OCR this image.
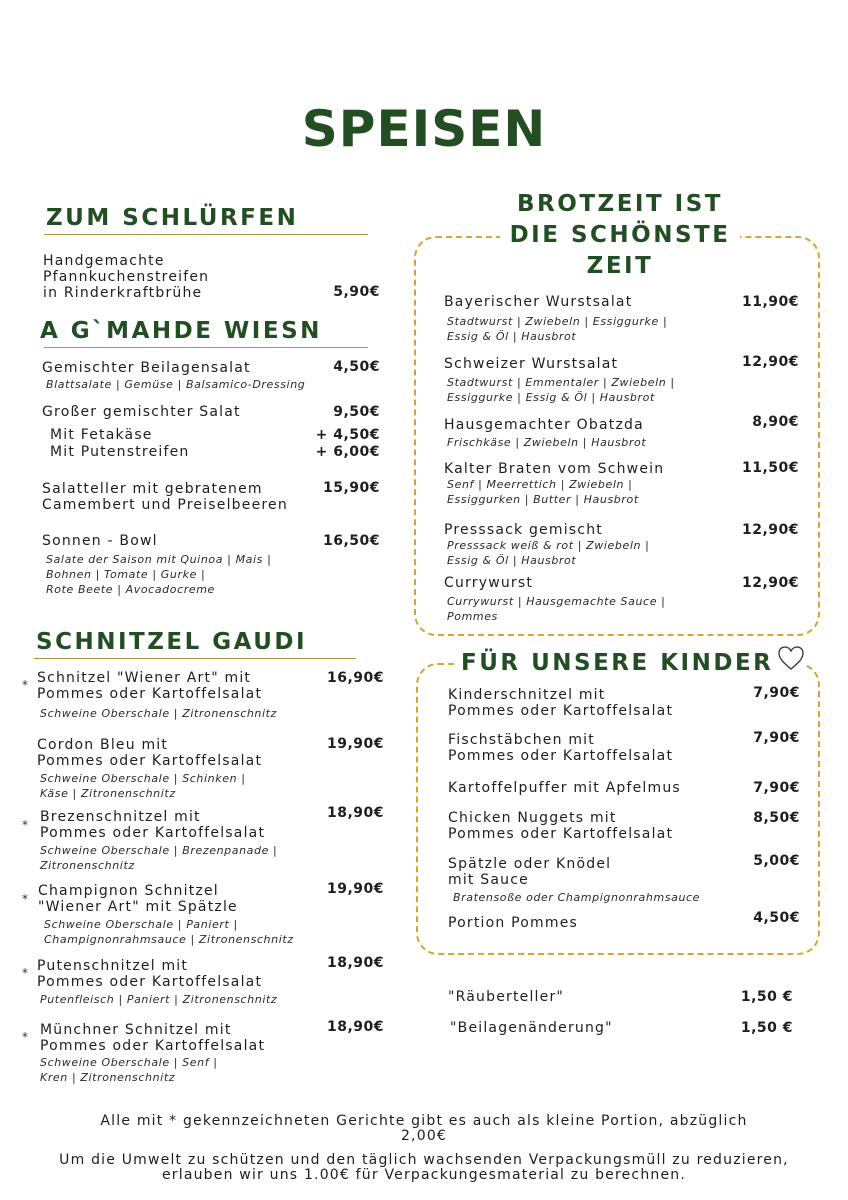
SPEISEN
ZUM SCHLÜRFEN
Handgemachte
Pfannkuchenstreifen
in Rinderkraftbrühe	5,90€
A G`MAHDE WIESN
Gemischter Beilagensalat	4,50€
Blattsalate | Gemüse | Balsamico-Dressing
Großer gemischter Salat	9,50€
Mit Fetakäse	+ 4,50€
Mit Putenstreifen	+ 6,00€
Salatteller mit gebratenem
Camembert und Preiselbeeren
15,90€
Sonnen - Bowl	16,50€
Salate der Saison mit Quinoa | Mais |
Bohnen | Tomate | Gurke |
Rote Beete | Avocadocreme
SCHNITZEL GAUDI
* Schnitzel "Wiener Art" mit
Pommes oder Kartoffelsalat
16,90€
Schweine Oberschale | Zitronenschnitz
Cordon Bleu mit
Pommes oder Kartoffelsalat
19,90€
Schweine Oberschale | Schinken |
Käse | Zitronenschnitz
* Brezenschnitzel mit
Pommes oder Kartoffelsalat
18,90€
Schweine Oberschale | Brezenpanade |
Zitronenschnitz
* Champignon Schnitzel
"Wiener Art" mit Spätzle
19,90€
Schweine Oberschale | Paniert |
Champignonrahmsauce | Zitronenschnitz
* Putenschnitzel mit
Pommes oder Kartoffelsalat
18,90€
Putenfleisch | Paniert | Zitronenschnitz
* Münchner Schnitzel mit
Pommes oder Kartoffelsalat
18,90€
Schweine Oberschale | Senf |
Kren | Zitronenschnitz
BROTZEIT IST
DIE SCHÖNSTE
ZEIT
Bayerischer Wurstsalat	11,90€
Stadtwurst | Zwiebeln | Essiggurke |
Essig & Öl | Hausbrot
Schweizer Wurstsalat	12,90€
Stadtwurst | Emmentaler | Zwiebeln |
Essiggurke | Essig & Öl | Hausbrot
Hausgemachter Obatzda	8,90€
Frischkäse | Zwiebeln | Hausbrot
Kalter Braten vom Schwein	11,50€
Senf | Meerrettich | Zwiebeln |
Essiggurken | Butter | Hausbrot
Presssack gemischt	12,90€
Presssack weiß & rot | Zwiebeln |
Essig & Öl | Hausbrot
Currywurst	12,90€
Currywurst | Hausgemachte Sauce |
Pommes
FÜR UNSERE KINDER
Kinderschnitzel mit
Pommes oder Kartoffelsalat
7,90€
Fischstäbchen mit
Pommes oder Kartoffelsalat
7,90€
Kartoffelpuffer mit Apfelmus	7,90€
Chicken Nuggets mit
Pommes oder Kartoffelsalat
8,50€
Spätzle oder Knödel
mit Sauce
5,00€
Bratensoße oder Champignonrahmsauce
Portion Pommes	4,50€
"Räuberteller"	1,50 €
"Beilagenänderung"	1,50 €
Alle mit * gekennzeichneten Gerichte gibt es auch als kleine Portion, abzüglich
2,00€
Um die Umwelt zu schützen und den täglich wachsenden Verpackungsmüll zu reduzieren,
erlauben wir uns 1.00€ für Verpackungesmaterial zu berechnen.
